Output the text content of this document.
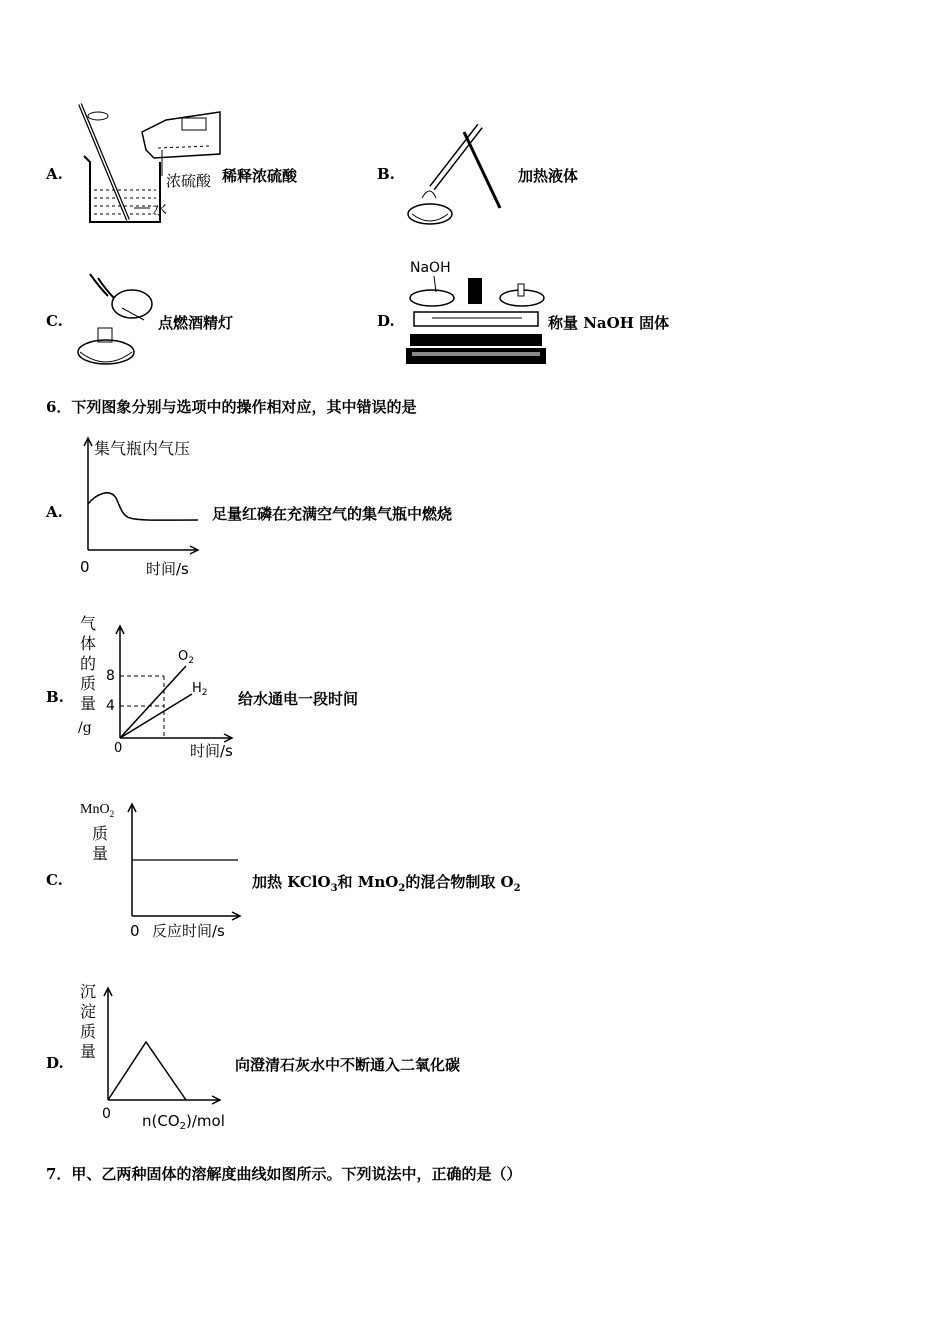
A.	浓硫酸
水
稀释浓硫酸	B.	加热液体
C.	点燃酒精灯	D.
NaOH
称量 NaOH 固体
6．下列图象分别与选项中的操作相对应，其中错误的是
A.
集气瓶内气压
0	时间/s
足量红磷在充满空气的集气瓶中燃烧
B.
气
体
的
质
量
/g
8
4
0	时间/s
$O_2$
$H_2$ 给水通电一段时间
C.
MnO$_2$
质
量
0 反应时间/s
加热 KClO$_3$和 MnO$_2$的混合物制取 $O_2$
D.
沉
淀
质
量
0 $n(CO_2)$/mol
向澄清石灰水中不断通入二氧化碳
7．甲、乙两种固体的溶解度曲线如图所示。下列说法中，正确的是（）
